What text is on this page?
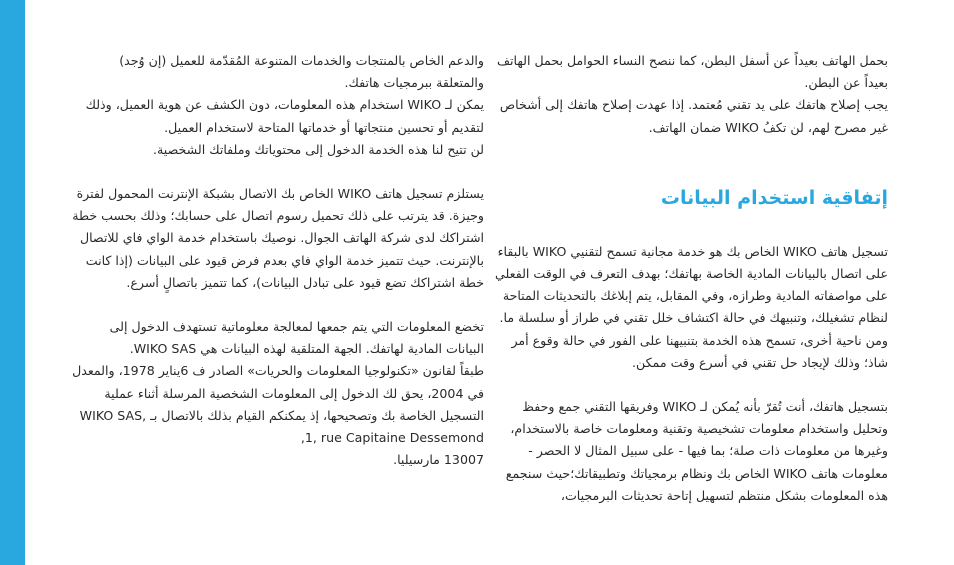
بحمل الهاتف بعيداً عن أسفل البطن، كما ننصح النساء الحوامل بحمل الهاتف بعيداً عن البطن.
يجب إصلاح هاتفك على يد تقني مُعتمد. إذا عهدت إصلاح هاتفك إلى أشخاص غير مصرح لهم، لن تكفُ WIKO ضمان الهاتف.

إتفاقية استخدام البيانات

تسجيل هاتف WIKO الخاص بك هو خدمة مجانية تسمح لتقنيي WIKO بالبقاء على اتصال بالبيانات المادية الخاصة بهاتفك؛ بهدف التعرف في الوقت الفعلي على مواصفاته المادية وطرازه، وفي المقابل، يتم إبلاغك بالتحديثات المتاحة لنظام تشغيلك، وتنبيهك في حالة اكتشاف خلل تقني في طراز أو سلسلة ما. ومن ناحية أخرى، تسمح هذه الخدمة بتنبيهنا على الفور في حالة وقوع أمر شاذ؛ وذلك لإيجاد حل تقني في أسرع وقت ممكن.

بتسجيل هاتفك، أنت تُقرّ بأنه يُمكن لـ WIKO وفريقها التقني جمع وحفظ وتحليل واستخدام معلومات تشخيصية وتقنية ومعلومات خاصة بالاستخدام، وغيرها من معلومات ذات صلة؛ بما فيها - على سبيل المثال لا الحصر - معلومات هاتف WIKO الخاص بك ونظام برمجياتك وتطبيقاتك؛حيث سنجمع هذه المعلومات بشكل منتظم لتسهيل إتاحة تحديثات البرمجيات،

والدعم الخاص بالمنتجات والخدمات المتنوعة المُقدّمة للعميل (إن وُجد) والمتعلقة ببرمجيات هاتفك.
يمكن لـ WIKO استخدام هذه المعلومات، دون الكشف عن هوية العميل، وذلك لتقديم أو تحسين منتجاتها أو خدماتها المتاحة لاستخدام العميل.
لن تتيح لنا هذه الخدمة الدخول إلى محتوياتك وملفاتك الشخصية.

يستلزم تسجيل هاتف WIKO الخاص بك الاتصال بشبكة الإنترنت المحمول لفترة وجيزة. قد يترتب على ذلك تحميل رسوم اتصال على حسابك؛ وذلك بحسب خطة اشتراكك لدى شركة الهاتف الجوال. نوصيك باستخدام خدمة الواي فاي للاتصال بالإنترنت. حيث تتميز خدمة الواي فاي بعدم فرض قيود على البيانات (إذا كانت خطة اشتراكك تضع قيود على تبادل البيانات)، كما تتميز باتصالٍ أسرع.

تخضع المعلومات التي يتم جمعها لمعالجة معلوماتية تستهدف الدخول إلى البيانات المادية لهاتفك. الجهة المتلقية لهذه البيانات هي WIKO SAS.
طبقاً لقانون «تكنولوجيا المعلومات والحريات» الصادر ف 6يناير 1978، والمعدل في 2004، يحق لك الدخول إلى المعلومات الشخصية المرسلة أثناء عملية التسجيل الخاصة بك وتصحيحها، إذ يمكنكم القيام بذلك بالاتصال بـ WIKO SAS, 1, rue Capitaine Dessemond,
13007 مارسيليا.
